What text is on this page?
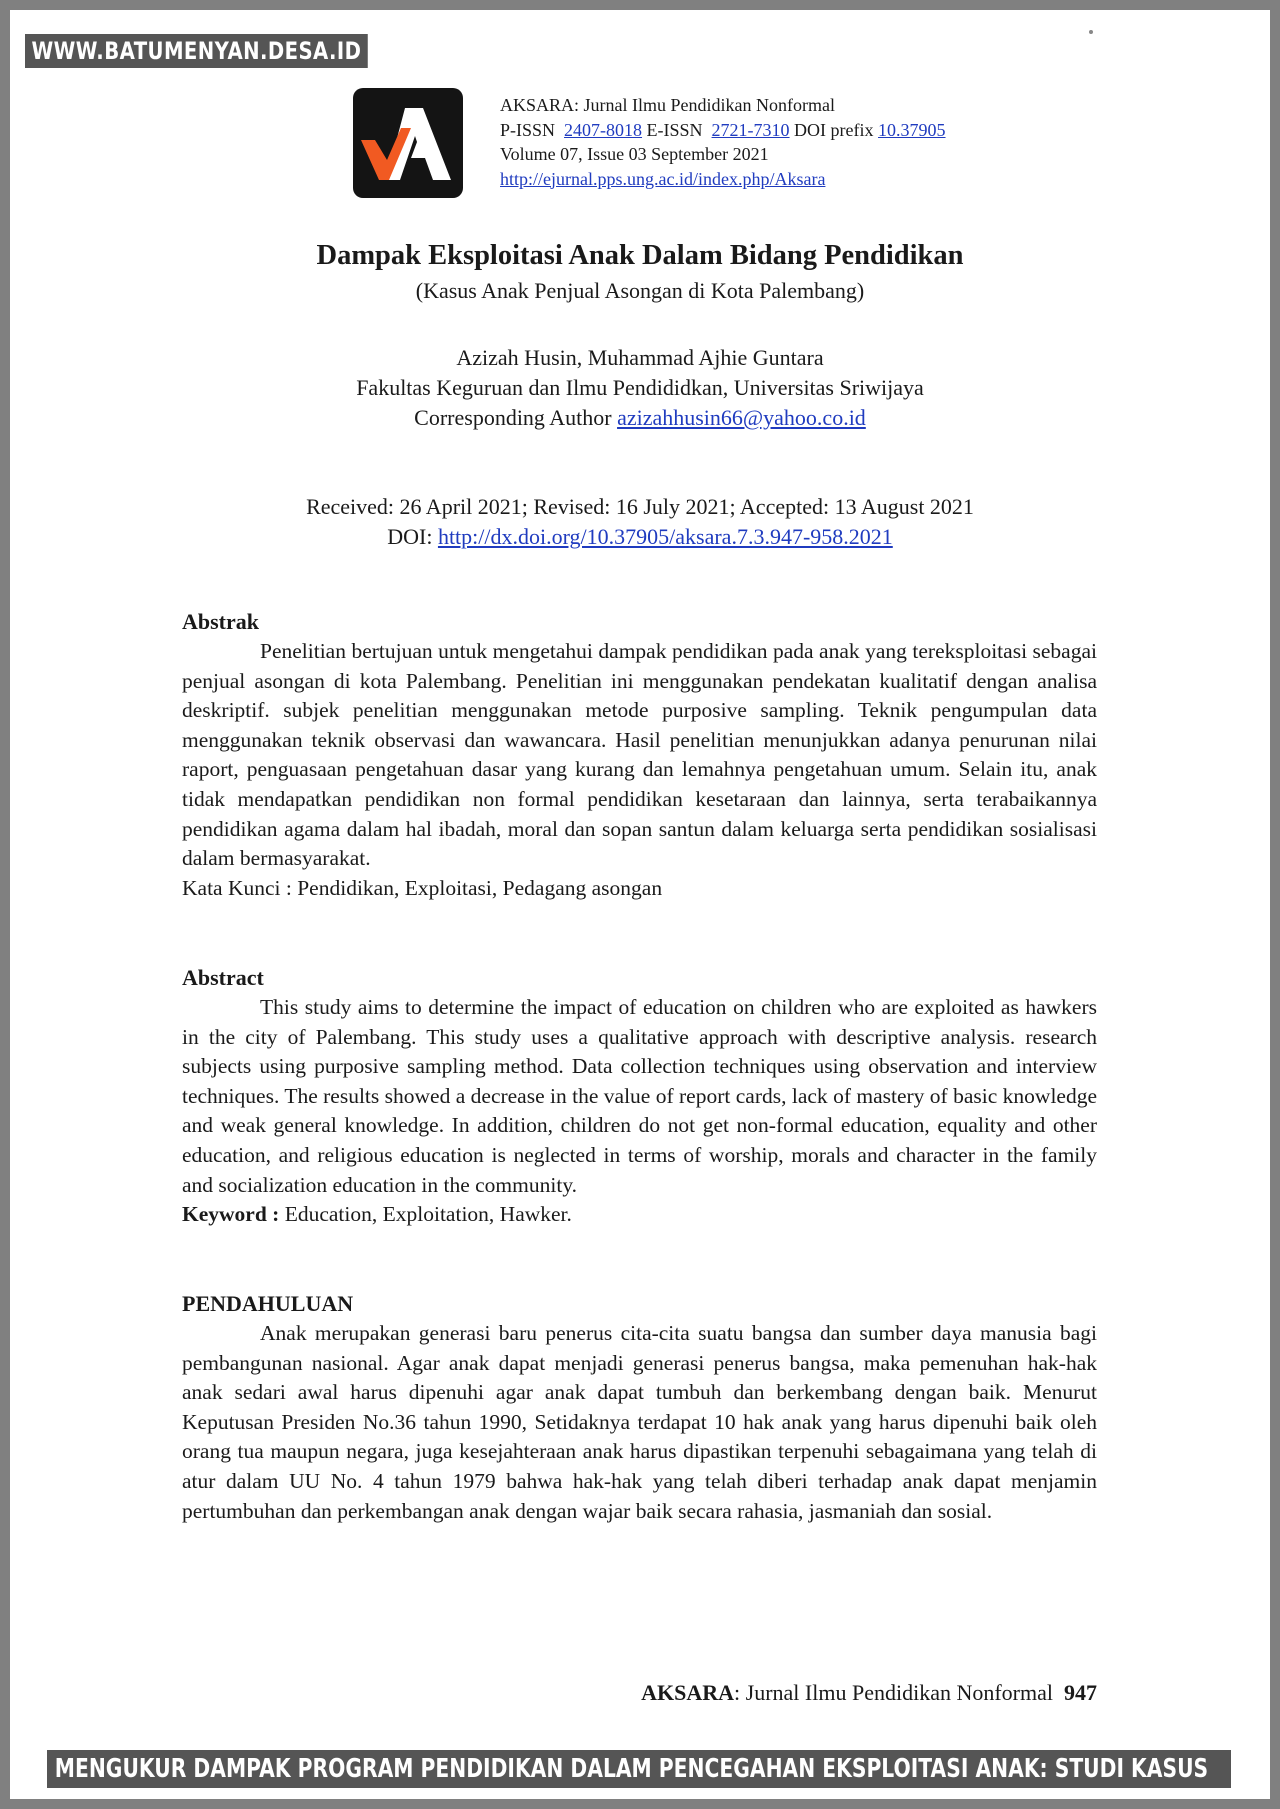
WWW.BATUMENYAN.DESA.ID
AKSARA: Jurnal Ilmu Pendidikan Nonformal
P-ISSN 2407-8018 E-ISSN 2721-7310 DOI prefix 10.37905
Volume 07, Issue 03 September 2021
http://ejurnal.pps.ung.ac.id/index.php/Aksara
Dampak Eksploitasi Anak Dalam Bidang Pendidikan
(Kasus Anak Penjual Asongan di Kota Palembang)
Azizah Husin, Muhammad Ajhie Guntara
Fakultas Keguruan dan Ilmu Pendididkan, Universitas Sriwijaya
Corresponding Author azizahhusin66@yahoo.co.id
Received: 26 April 2021; Revised: 16 July 2021; Accepted: 13 August 2021
DOI: http://dx.doi.org/10.37905/aksara.7.3.947-958.2021
Abstrak

Penelitian bertujuan untuk mengetahui dampak pendidikan pada anak yang tereksploitasi sebagai penjual asongan di kota Palembang. Penelitian ini menggunakan pendekatan kualitatif dengan analisa deskriptif. subjek penelitian menggunakan metode purposive sampling. Teknik pengumpulan data menggunakan teknik observasi dan wawancara. Hasil penelitian menunjukkan adanya penurunan nilai raport, penguasaan pengetahuan dasar yang kurang dan lemahnya pengetahuan umum. Selain itu, anak tidak mendapatkan pendidikan non formal pendidikan kesetaraan dan lainnya, serta terabaikannya pendidikan agama dalam hal ibadah, moral dan sopan santun dalam keluarga serta pendidikan sosialisasi dalam bermasyarakat.

Kata Kunci : Pendidikan, Exploitasi, Pedagang asongan
Abstract

This study aims to determine the impact of education on children who are exploited as hawkers in the city of Palembang. This study uses a qualitative approach with descriptive analysis. research subjects using purposive sampling method. Data collection techniques using observation and interview techniques. The results showed a decrease in the value of report cards, lack of mastery of basic knowledge and weak general knowledge. In addition, children do not get non-formal education, equality and other education, and religious education is neglected in terms of worship, morals and character in the family and socialization education in the community.

Keyword : Education, Exploitation, Hawker.
PENDAHULUAN

Anak merupakan generasi baru penerus cita-cita suatu bangsa dan sumber daya manusia bagi pembangunan nasional. Agar anak dapat menjadi generasi penerus bangsa, maka pemenuhan hak-hak anak sedari awal harus dipenuhi agar anak dapat tumbuh dan berkembang dengan baik. Menurut Keputusan Presiden No.36 tahun 1990, Setidaknya terdapat 10 hak anak yang harus dipenuhi baik oleh orang tua maupun negara, juga kesejahteraan anak harus dipastikan terpenuhi sebagaimana yang telah di atur dalam UU No. 4 tahun 1979 bahwa hak-hak yang telah diberi terhadap anak dapat menjamin pertumbuhan dan perkembangan anak dengan wajar baik secara rahasia, jasmaniah dan sosial.

AKSARA: Jurnal Ilmu Pendidikan Nonformal 947
MENGUKUR DAMPAK PROGRAM PENDIDIKAN DALAM PENCEGAHAN EKSPLOITASI ANAK: STUDI KASUS
